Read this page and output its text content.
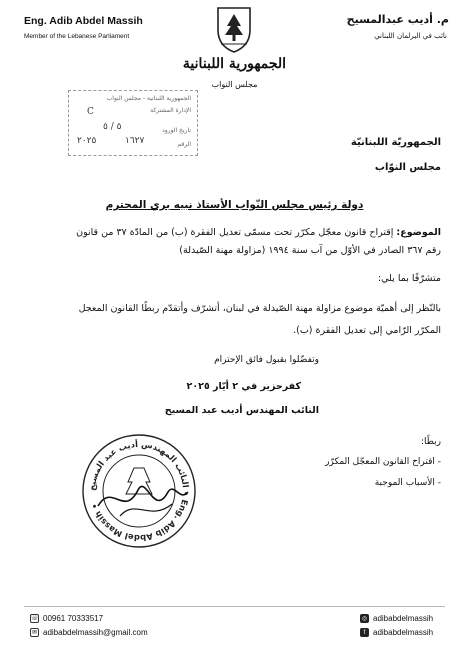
Eng. Adib Abdel Massih
Member of the Lebanese Parliament
م. أديب عبدالمسيح
نائب في البرلمان اللبناني
الجمهورية اللبنانية
مجلس النواب
الجمهورية اللبنانية - مجلس النواب
الإدارة المشتركة
تاريخ الورود
الرقم
C
٥ / ٥
٢٠٢٥	١٦٢٧	الجمهوريّة اللبنانيّة
مجلس النوّاب
دولة رئيس مجلس النّواب الأستاذ نبيه بري المحترم
الموضوع: إقتراح قانون معجّل مكرّر تحت مسمّى تعديل الفقرة (ب) من المادّة ٣٧ من قانون
رقم ٣٦٧ الصادر في الأوّل من آب سنة ١٩٩٤ (مزاولة مهنة الصّيدلة)
متشرّفًا بما يلي:
بالنّظر إلى أهميّة موضوع مزاولة مهنة الصّيدلة في لبنان، أتشرّف وأتقدّم ربطًا القانون المعجل
المكرّر الرّامي إلى تعديل الفقرة (ب).
وتفضّلوا بقبول فائق الإحترام
كفرحزير في ٢ أيّار ٢٠٢٥
النائب المهندس أديب عبد المسيح
ربطًا:
- اقتراح القانون المعجّل المكرّر
- الأسباب الموجبة
النائب المهندس أديب عبد المسيح • Eng. Adib Abdel Massih •
☏ 00961 70333517
✉ adibabdelmassih@gmail.com
◎ adibabdelmassih
f adibabdelmassih
